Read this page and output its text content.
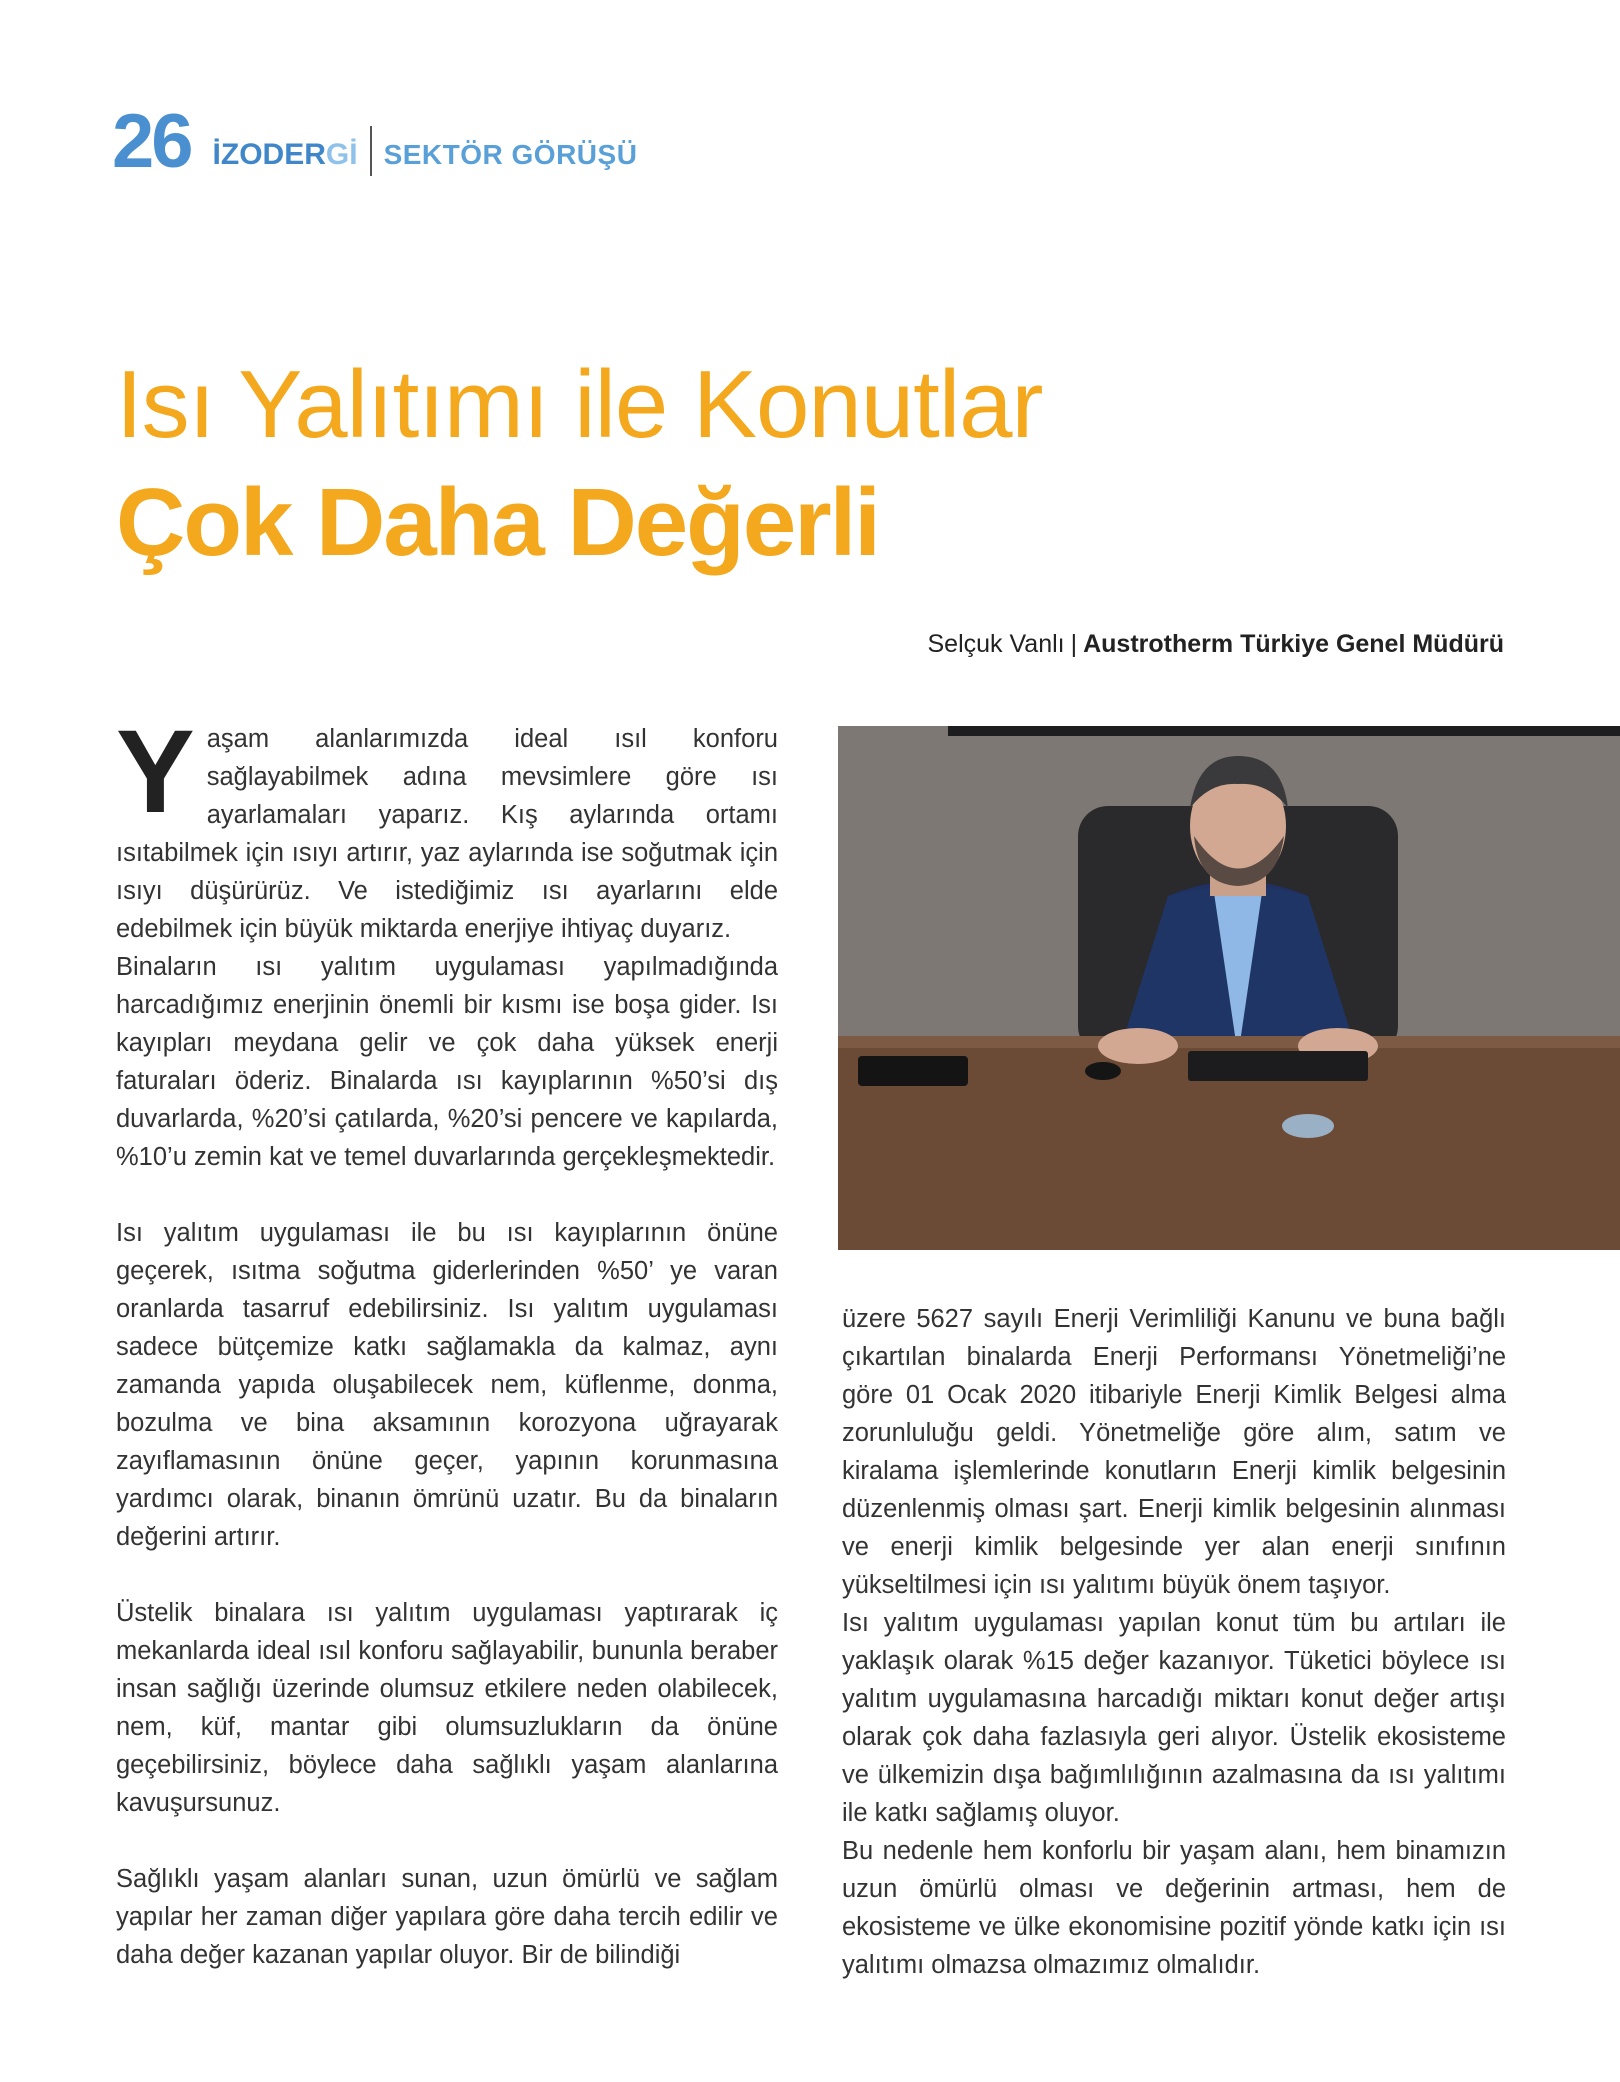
26 İZODERGİ SEKTÖR GÖRÜŞÜ
Isı Yalıtımı ile Konutlar
Çok Daha Değerli
Selçuk Vanlı | Austrotherm Türkiye Genel Müdürü

Yaşam alanlarımızda ideal ısıl konforu sağlayabilmek adına mevsimlere göre ısı ayarlamaları yaparız. Kış aylarında ortamı ısıtabilmek için ısıyı artırır, yaz aylarında ise soğutmak için ısıyı düşürürüz. Ve istediğimiz ısı ayarlarını elde edebilmek için büyük miktarda enerjiye ihtiyaç duyarız.

Binaların ısı yalıtım uygulaması yapılmadığında harcadığımız enerjinin önemli bir kısmı ise boşa gider. Isı kayıpları meydana gelir ve çok daha yüksek enerji faturaları öderiz. Binalarda ısı kayıplarının %50’si dış duvarlarda, %20’si çatılarda, %20’si pencere ve kapılarda, %10’u zemin kat ve temel duvarlarında gerçekleşmektedir.

Isı yalıtım uygulaması ile bu ısı kayıplarının önüne geçerek, ısıtma soğutma giderlerinden %50’ ye varan oranlarda tasarruf edebilirsiniz. Isı yalıtım uygulaması sadece bütçemize katkı sağlamakla da kalmaz, aynı zamanda yapıda oluşabilecek nem, küflenme, donma, bozulma ve bina aksamının korozyona uğrayarak zayıflamasının önüne geçer, yapının korunmasına yardımcı olarak, binanın ömrünü uzatır. Bu da binaların değerini artırır.

Üstelik binalara ısı yalıtım uygulaması yaptırarak iç mekanlarda ideal ısıl konforu sağlayabilir, bununla beraber insan sağlığı üzerinde olumsuz etkilere neden olabilecek, nem, küf, mantar gibi olumsuzlukların da önüne geçebilirsiniz, böylece daha sağlıklı yaşam alanlarına kavuşursunuz.

Sağlıklı yaşam alanları sunan, uzun ömürlü ve sağlam yapılar her zaman diğer yapılara göre daha tercih edilir ve daha değer kazanan yapılar oluyor. Bir de bilindiği

üzere 5627 sayılı Enerji Verimliliği Kanunu ve buna bağlı çıkartılan binalarda Enerji Performansı Yönetmeliği’ne göre 01 Ocak 2020 itibariyle Enerji Kimlik Belgesi alma zorunluluğu geldi. Yönetmeliğe göre alım, satım ve kiralama işlemlerinde konutların Enerji kimlik belgesinin düzenlenmiş olması şart. Enerji kimlik belgesinin alınması ve enerji kimlik belgesinde yer alan enerji sınıfının yükseltilmesi için ısı yalıtımı büyük önem taşıyor.

Isı yalıtım uygulaması yapılan konut tüm bu artıları ile yaklaşık olarak %15 değer kazanıyor. Tüketici böylece ısı yalıtım uygulamasına harcadığı miktarı konut değer artışı olarak çok daha fazlasıyla geri alıyor. Üstelik ekosisteme ve ülkemizin dışa bağımlılığının azalmasına da ısı yalıtımı ile katkı sağlamış oluyor.

Bu nedenle hem konforlu bir yaşam alanı, hem binamızın uzun ömürlü olması ve değerinin artması, hem de ekosisteme ve ülke ekonomisine pozitif yönde katkı için ısı yalıtımı olmazsa olmazımız olmalıdır.
